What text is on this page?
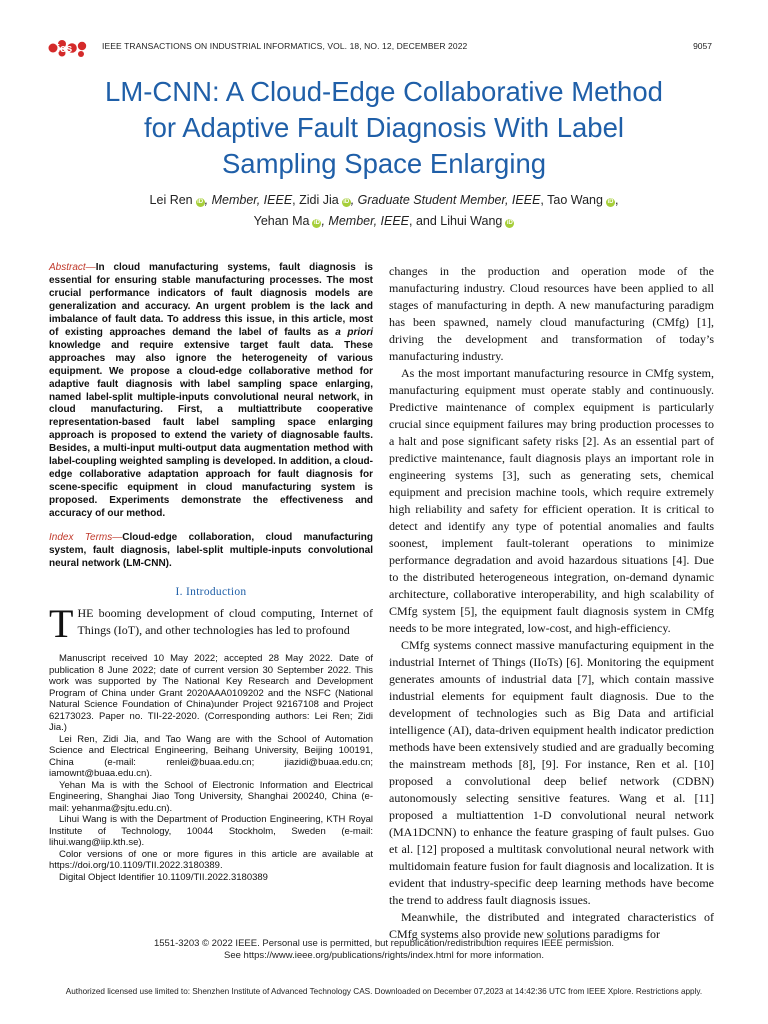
ies	IEEE TRANSACTIONS ON INDUSTRIAL INFORMATICS, VOL. 18, NO. 12, DECEMBER 2022	9057
LM-CNN: A Cloud-Edge Collaborative Method
for Adaptive Fault Diagnosis With Label
Sampling Space Enlarging
Lei Ren iD , Member, IEEE, Zidi Jia iD , Graduate Student Member, IEEE, Tao Wang iD ,
Yehan Ma iD , Member, IEEE, and Lihui Wang iD

Abstract—In cloud manufacturing systems, fault diagnosis is essential for ensuring stable manufacturing processes. The most crucial performance indicators of fault diagnosis models are generalization and accuracy. An urgent problem is the lack and imbalance of fault data. To address this issue, in this article, most of existing approaches demand the label of faults as a priori knowledge and require extensive target fault data. These approaches may also ignore the heterogeneity of various equipment. We propose a cloud-edge collaborative method for adaptive fault diagnosis with label sampling space enlarging, named label-split multiple-inputs convolutional neural network, in cloud manufacturing. First, a multiattribute cooperative representation-based fault label sampling space enlarging approach is proposed to extend the variety of diagnosable faults. Besides, a multi-input multi-output data augmentation method with label-coupling weighted sampling is developed. In addition, a cloud-edge collaborative adaptation approach for fault diagnosis for scene-specific equipment in cloud manufacturing system is proposed. Experiments demonstrate the effectiveness and accuracy of our method.

Index Terms—Cloud-edge collaboration, cloud manufacturing system, fault diagnosis, label-split multiple-inputs convolutional neural network (LM-CNN).

I. Introduction

THE booming development of cloud computing, Internet of Things (IoT), and other technologies has led to profound

Manuscript received 10 May 2022; accepted 28 May 2022. Date of publication 8 June 2022; date of current version 30 September 2022. This work was supported by The National Key Research and Development Program of China under Grant 2020AAA0109202 and the NSFC (National Natural Science Foundation of China)under Project 92167108 and Project 62173023. Paper no. TII-22-2020. (Corresponding authors: Lei Ren; Zidi Jia.)

Lei Ren, Zidi Jia, and Tao Wang are with the School of Automation Science and Electrical Engineering, Beihang University, Beijing 100191, China (e-mail: renlei@buaa.edu.cn; jiazidi@buaa.edu.cn; iamownt@buaa.edu.cn).

Yehan Ma is with the School of Electronic Information and Electrical Engineering, Shanghai Jiao Tong University, Shanghai 200240, China (e-mail: yehanma@sjtu.edu.cn).

Lihui Wang is with the Department of Production Engineering, KTH Royal Institute of Technology, 10044 Stockholm, Sweden (e-mail: lihui.wang@iip.kth.se).

Color versions of one or more figures in this article are available at https://doi.org/10.1109/TII.2022.3180389.

Digital Object Identifier 10.1109/TII.2022.3180389

changes in the production and operation mode of the manufacturing industry. Cloud resources have been applied to all stages of manufacturing in depth. A new manufacturing paradigm has been spawned, namely cloud manufacturing (CMfg) [1], driving the development and transformation of today’s manufacturing industry.

As the most important manufacturing resource in CMfg system, manufacturing equipment must operate stably and continuously. Predictive maintenance of complex equipment is particularly crucial since equipment failures may bring production processes to a halt and pose significant safety risks [2]. As an essential part of predictive maintenance, fault diagnosis plays an important role in engineering systems [3], such as generating sets, chemical equipment and precision machine tools, which require extremely high reliability and safety for efficient operation. It is critical to detect and identify any type of potential anomalies and faults soonest, implement fault-tolerant operations to minimize performance degradation and avoid hazardous situations [4]. Due to the distributed heterogeneous integration, on-demand dynamic architecture, collaborative interoperability, and high scalability of CMfg system [5], the equipment fault diagnosis system in CMfg needs to be more integrated, low-cost, and high-efficiency.

CMfg systems connect massive manufacturing equipment in the industrial Internet of Things (IIoTs) [6]. Monitoring the equipment generates amounts of industrial data [7], which contain massive industrial elements for equipment fault diagnosis. Due to the development of technologies such as Big Data and artificial intelligence (AI), data-driven equipment health indicator prediction methods have been extensively studied and are gradually becoming the mainstream methods [8], [9]. For instance, Ren et al. [10] proposed a convolutional deep belief network (CDBN) autonomously selecting sensitive features. Wang et al. [11] proposed a multiattention 1-D convolutional neural network (MA1DCNN) to enhance the feature grasping of fault pulses. Guo et al. [12] proposed a multitask convolutional neural network with multidomain feature fusion for fault diagnosis and localization. It is evident that industry-specific deep learning methods have become the trend to address fault diagnosis issues.

Meanwhile, the distributed and integrated characteristics of CMfg systems also provide new solutions paradigms for

1551-3203 © 2022 IEEE. Personal use is permitted, but republication/redistribution requires IEEE permission.
See https://www.ieee.org/publications/rights/index.html for more information.
Authorized licensed use limited to: Shenzhen Institute of Advanced Technology CAS. Downloaded on December 07,2023 at 14:42:36 UTC from IEEE Xplore. Restrictions apply.
